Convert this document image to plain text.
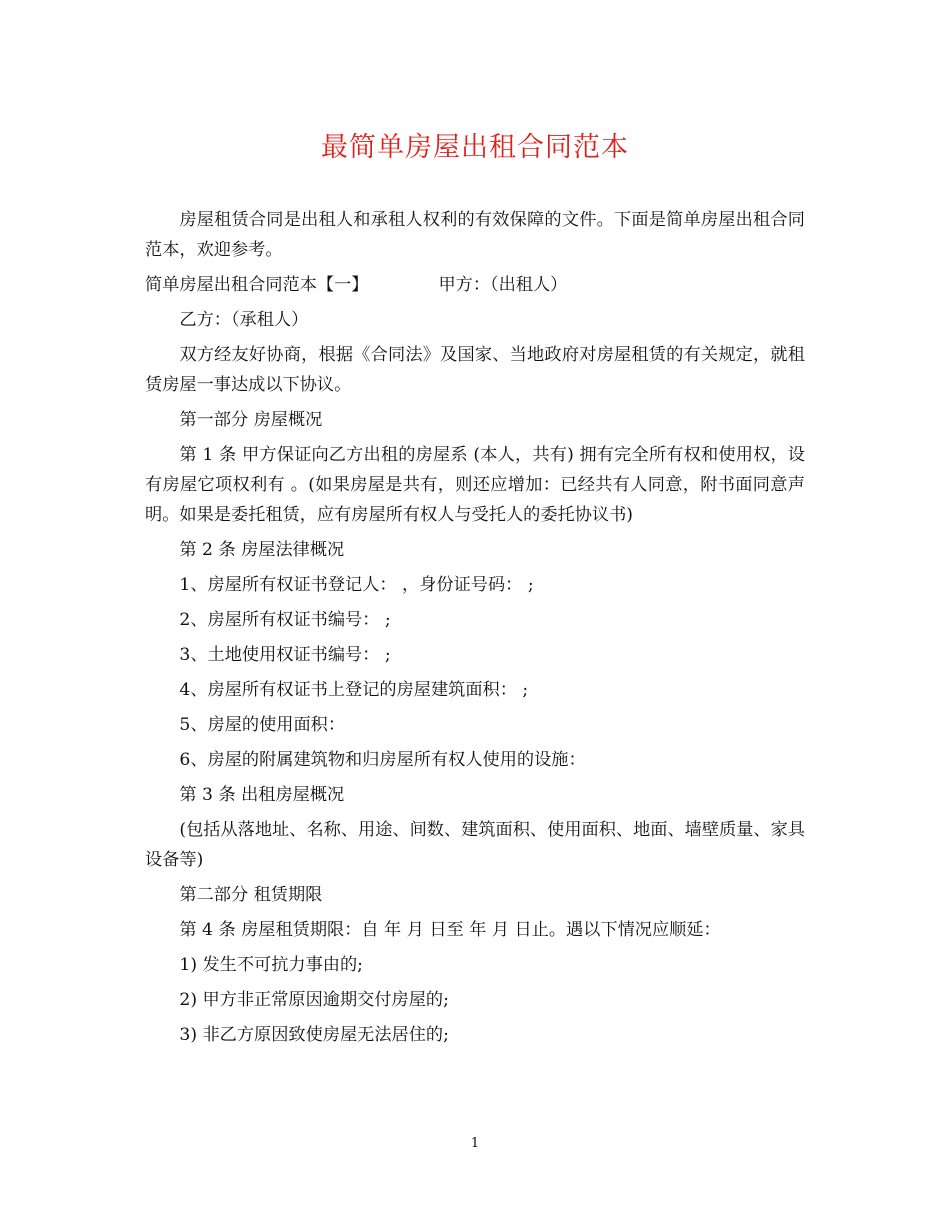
最简单房屋出租合同范本

房屋租赁合同是出租人和承租人权利的有效保障的文件。下面是简单房屋出租合同范本，欢迎参考。

简单房屋出租合同范本【一】	甲方：（出租人）

乙方：（承租人）

双方经友好协商，根据《合同法》及国家、当地政府对房屋租赁的有关规定，就租赁房屋一事达成以下协议。

第一部分 房屋概况

第 1 条 甲方保证向乙方出租的房屋系 (本人，共有) 拥有完全所有权和使用权，设有房屋它项权利有 。(如果房屋是共有，则还应增加：已经共有人同意，附书面同意声明。如果是委托租赁，应有房屋所有权人与受托人的委托协议书)

第 2 条 房屋法律概况

1、房屋所有权证书登记人： ，身份证号码： ;

2、房屋所有权证书编号： ;

3、土地使用权证书编号： ;

4、房屋所有权证书上登记的房屋建筑面积： ;

5、房屋的使用面积：

6、房屋的附属建筑物和归房屋所有权人使用的设施：

第 3 条 出租房屋概况

(包括从落地址、名称、用途、间数、建筑面积、使用面积、地面、墙壁质量、家具设备等)

第二部分 租赁期限

第 4 条 房屋租赁期限：自 年 月 日至 年 月 日止。遇以下情况应顺延：

1) 发生不可抗力事由的;

2) 甲方非正常原因逾期交付房屋的;

3) 非乙方原因致使房屋无法居住的;

1
